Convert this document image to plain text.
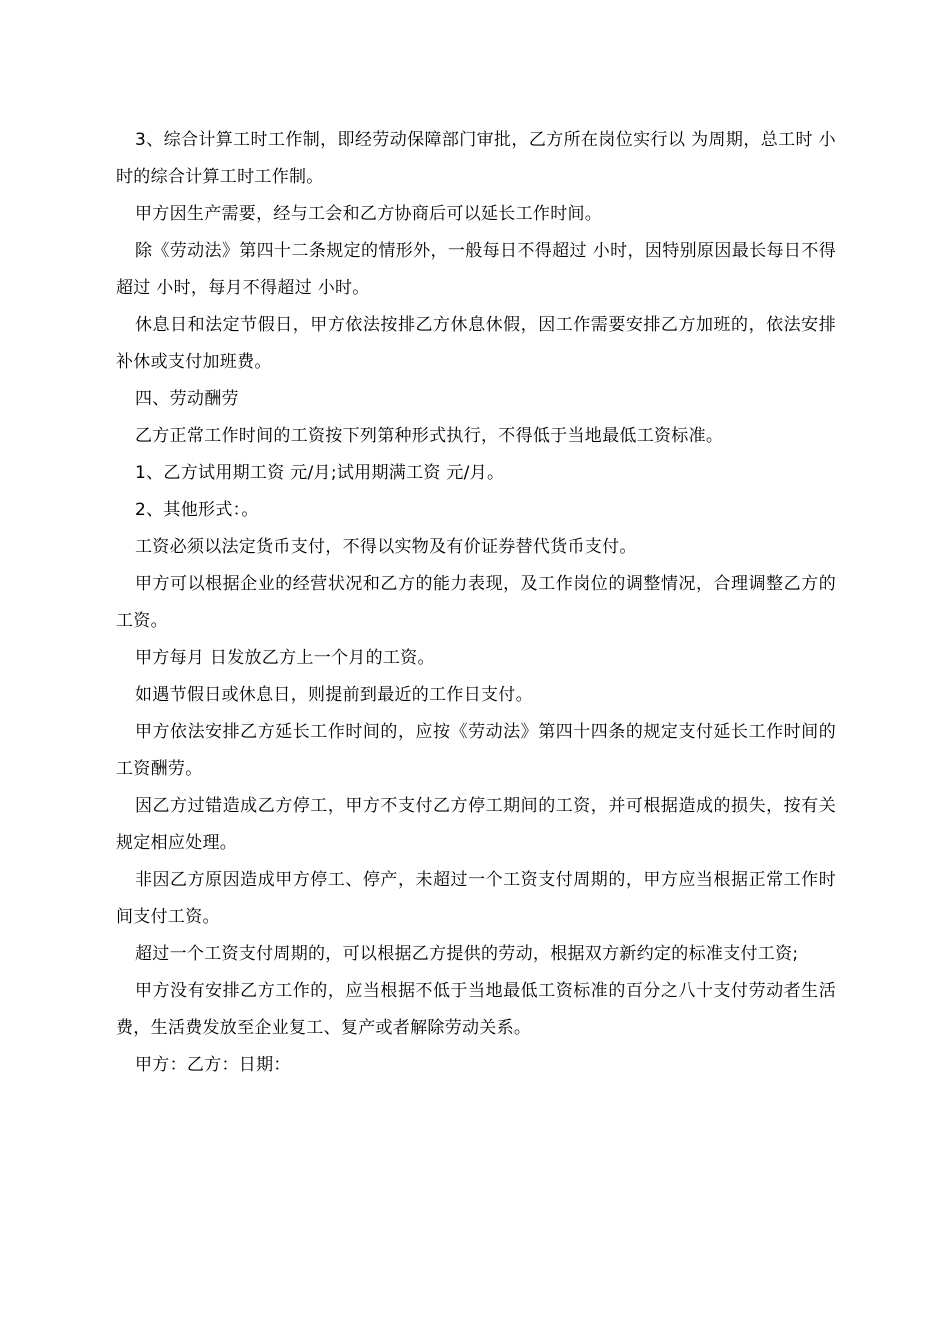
3、综合计算工时工作制，即经劳动保障部门审批，乙方所在岗位实行以 为周期，总工时 小时的综合计算工时工作制。

甲方因生产需要，经与工会和乙方协商后可以延长工作时间。

除《劳动法》第四十二条规定的情形外，一般每日不得超过 小时，因特别原因最长每日不得超过 小时，每月不得超过 小时。

休息日和法定节假日，甲方依法按排乙方休息休假，因工作需要安排乙方加班的，依法安排补休或支付加班费。

四、劳动酬劳

乙方正常工作时间的工资按下列第种形式执行，不得低于当地最低工资标准。

1、乙方试用期工资 元/月;试用期满工资 元/月。

2、其他形式：。

工资必须以法定货币支付，不得以实物及有价证券替代货币支付。

甲方可以根据企业的经营状况和乙方的能力表现，及工作岗位的调整情况，合理调整乙方的工资。

甲方每月 日发放乙方上一个月的工资。

如遇节假日或休息日，则提前到最近的工作日支付。

甲方依法安排乙方延长工作时间的，应按《劳动法》第四十四条的规定支付延长工作时间的工资酬劳。

因乙方过错造成乙方停工，甲方不支付乙方停工期间的工资，并可根据造成的损失，按有关规定相应处理。

非因乙方原因造成甲方停工、停产，未超过一个工资支付周期的，甲方应当根据正常工作时间支付工资。

超过一个工资支付周期的，可以根据乙方提供的劳动，根据双方新约定的标准支付工资;

甲方没有安排乙方工作的，应当根据不低于当地最低工资标准的百分之八十支付劳动者生活费，生活费发放至企业复工、复产或者解除劳动关系。

甲方：乙方：日期：
